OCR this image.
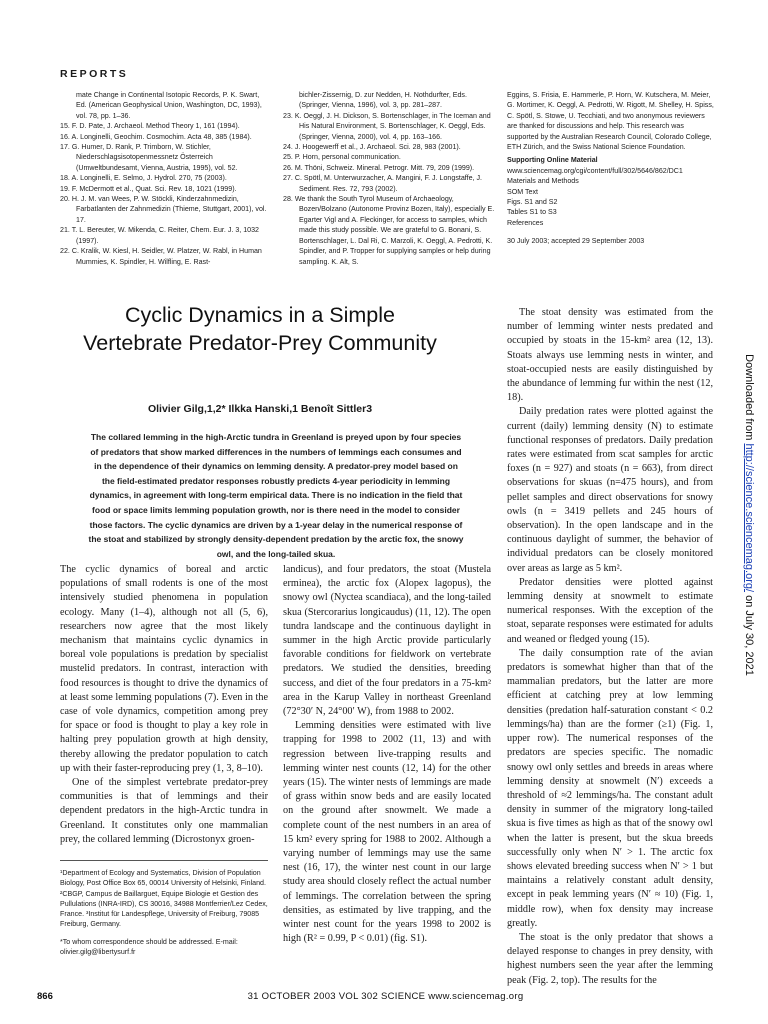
REPORTS

mate Change in Continental Isotopic Records, P. K. Swart, Ed. (American Geophysical Union, Washington, DC, 1993), vol. 78, pp. 1–36.

15. F. D. Pate, J. Archaeol. Method Theory 1, 161 (1994).

16. A. Longinelli, Geochim. Cosmochim. Acta 48, 385 (1984).

17. G. Humer, D. Rank, P. Trimborn, W. Stichler, Niederschlagsisotopenmessnetz Österreich (Umweltbundesamt, Vienna, Austria, 1995), vol. 52.

18. A. Longinelli, E. Selmo, J. Hydrol. 270, 75 (2003).

19. F. McDermott et al., Quat. Sci. Rev. 18, 1021 (1999).

20. H. J. M. van Wees, P. W. Stöckli, Kinderzahnmedizin, Farbatlanten der Zahnmedizin (Thieme, Stuttgart, 2001), vol. 17.

21. T. L. Bereuter, W. Mikenda, C. Reiter, Chem. Eur. J. 3, 1032 (1997).

22. C. Kralik, W. Kiesl, H. Seidler, W. Platzer, W. Rabl, in Human Mummies, K. Spindler, H. Wilfling, E. Rast-

bichler-Zissernig, D. zur Nedden, H. Nothdurfter, Eds. (Springer, Vienna, 1996), vol. 3, pp. 281–287.

23. K. Oeggl, J. H. Dickson, S. Bortenschlager, in The Iceman and His Natural Environment, S. Bortenschlager, K. Oeggl, Eds. (Springer, Vienna, 2000), vol. 4, pp. 163–166.

24. J. Hoogewerff et al., J. Archaeol. Sci. 28, 983 (2001).

25. P. Horn, personal communication.

26. M. Thöni, Schweiz. Mineral. Petrogr. Mitt. 79, 209 (1999).

27. C. Spötl, M. Unterwurzacher, A. Mangini, F. J. Longstaffe, J. Sediment. Res. 72, 793 (2002).

28. We thank the South Tyrol Museum of Archaeology, Bozen/Bolzano (Autonome Provinz Bozen, Italy), especially E. Egarter Vigl and A. Fleckinger, for access to samples, which made this study possible. We are grateful to G. Bonani, S. Bortenschlager, L. Dal Ri, C. Marzoli, K. Oeggl, A. Pedrotti, K. Spindler, and P. Tropper for supplying samples or help during sampling. K. Alt, S.

Eggins, S. Frisia, E. Hammerle, P. Horn, W. Kutschera, M. Meier, G. Mortimer, K. Oeggl, A. Pedrotti, W. Rigott, M. Shelley, H. Spiss, C. Spötl, S. Stowe, U. Tecchiati, and two anonymous reviewers are thanked for discussions and help. This research was supported by the Australian Research Council, Colorado College, ETH Zürich, and the Swiss National Science Foundation.

Supporting Online Material

www.sciencemag.org/cgi/content/full/302/5646/862/DC1

Materials and Methods

SOM Text

Figs. S1 and S2

Tables S1 to S3

References

30 July 2003; accepted 29 September 2003

Cyclic Dynamics in a Simple Vertebrate Predator-Prey Community
Olivier Gilg,1,2* Ilkka Hanski,1 Benoît Sittler3
The collared lemming in the high-Arctic tundra in Greenland is preyed upon by four species of predators that show marked differences in the numbers of lemmings each consumes and in the dependence of their dynamics on lemming density. A predator-prey model based on the field-estimated predator responses robustly predicts 4-year periodicity in lemming dynamics, in agreement with long-term empirical data. There is no indication in the field that food or space limits lemming population growth, nor is there need in the model to consider those factors. The cyclic dynamics are driven by a 1-year delay in the numerical response of the stoat and stabilized by strongly density-dependent predation by the arctic fox, the snowy owl, and the long-tailed skua.

The cyclic dynamics of boreal and arctic populations of small rodents is one of the most intensively studied phenomena in population ecology. Many (1–4), although not all (5, 6), researchers now agree that the most likely mechanism that maintains cyclic dynamics in boreal vole populations is predation by specialist mustelid predators. In contrast, interaction with food resources is thought to drive the dynamics of at least some lemming populations (7). Even in the case of vole dynamics, competition among prey for space or food is thought to play a key role in halting prey population growth at high density, thereby allowing the predator population to catch up with their faster-reproducing prey (1, 3, 8–10).

One of the simplest vertebrate predator-prey communities is that of lemmings and their dependent predators in the high-Arctic tundra in Greenland. It constitutes only one mammalian prey, the collared lemming (Dicrostonyx groen-

landicus), and four predators, the stoat (Mustela erminea), the arctic fox (Alopex lagopus), the snowy owl (Nyctea scandiaca), and the long-tailed skua (Stercorarius longicaudus) (11, 12). The open tundra landscape and the continuous daylight in summer in the high Arctic provide particularly favorable conditions for fieldwork on vertebrate predators. We studied the densities, breeding success, and diet of the four predators in a 75-km² area in the Karup Valley in northeast Greenland (72°30′ N, 24°00′ W), from 1988 to 2002.

Lemming densities were estimated with live trapping for 1998 to 2002 (11, 13) and with regression between live-trapping results and lemming winter nest counts (12, 14) for the other years (15). The winter nests of lemmings are made of grass within snow beds and are easily located on the ground after snowmelt. We made a complete count of the nest numbers in an area of 15 km² every spring for 1988 to 2002. Although a varying number of lemmings may use the same nest (16, 17), the winter nest count in our large study area should closely reflect the actual number of lemmings. The correlation between the spring densities, as estimated by live trapping, and the winter nest count for the years 1998 to 2002 is high (R² = 0.99, P < 0.01) (fig. S1).

The stoat density was estimated from the number of lemming winter nests predated and occupied by stoats in the 15-km² area (12, 13). Stoats always use lemming nests in winter, and stoat-occupied nests are easily distinguished by the abundance of lemming fur within the nest (12, 18).

Daily predation rates were plotted against the current (daily) lemming density (N) to estimate functional responses of predators. Daily predation rates were estimated from scat samples for arctic foxes (n = 927) and stoats (n = 663), from direct observations for skuas (n=475 hours), and from pellet samples and direct observations for snowy owls (n = 3419 pellets and 245 hours of observation). In the open landscape and in the continuous daylight of summer, the behavior of individual predators can be closely monitored over areas as large as 5 km².

Predator densities were plotted against lemming density at snowmelt to estimate numerical responses. With the exception of the stoat, separate responses were estimated for adults and weaned or fledged young (15).

The daily consumption rate of the avian predators is somewhat higher than that of the mammalian predators, but the latter are more efficient at catching prey at low lemming densities (predation half-saturation constant < 0.2 lemmings/ha) than are the former (≥1) (Fig. 1, upper row). The numerical responses of the predators are species specific. The nomadic snowy owl only settles and breeds in areas where lemming density at snowmelt (N′) exceeds a threshold of ≈2 lemmings/ha. The constant adult density in summer of the migratory long-tailed skua is five times as high as that of the snowy owl when the latter is present, but the skua breeds successfully only when N′ > 1. The arctic fox shows elevated breeding success when N′ > 1 but maintains a relatively constant adult density, except in peak lemming years (N′ ≈ 10) (Fig. 1, middle row), when fox density may increase greatly.

The stoat is the only predator that shows a delayed response to changes in prey density, with highest numbers seen the year after the lemming peak (Fig. 2, top). The results for the

¹Department of Ecology and Systematics, Division of Population Biology, Post Office Box 65, 00014 University of Helsinki, Finland. ²CBGP, Campus de Baillarguet, Equipe Biologie et Gestion des Pullulations (INRA-IRD), CS 30016, 34988 Montferrier/Lez Cedex, France. ³Institut für Landespflege, University of Freiburg, 79085 Freiburg, Germany.

*To whom correspondence should be addressed. E-mail: olivier.gilg@libertysurf.fr

866	31 OCTOBER 2003 VOL 302 SCIENCE www.sciencemag.org
Downloaded from http://science.sciencemag.org/ on July 30, 2021
